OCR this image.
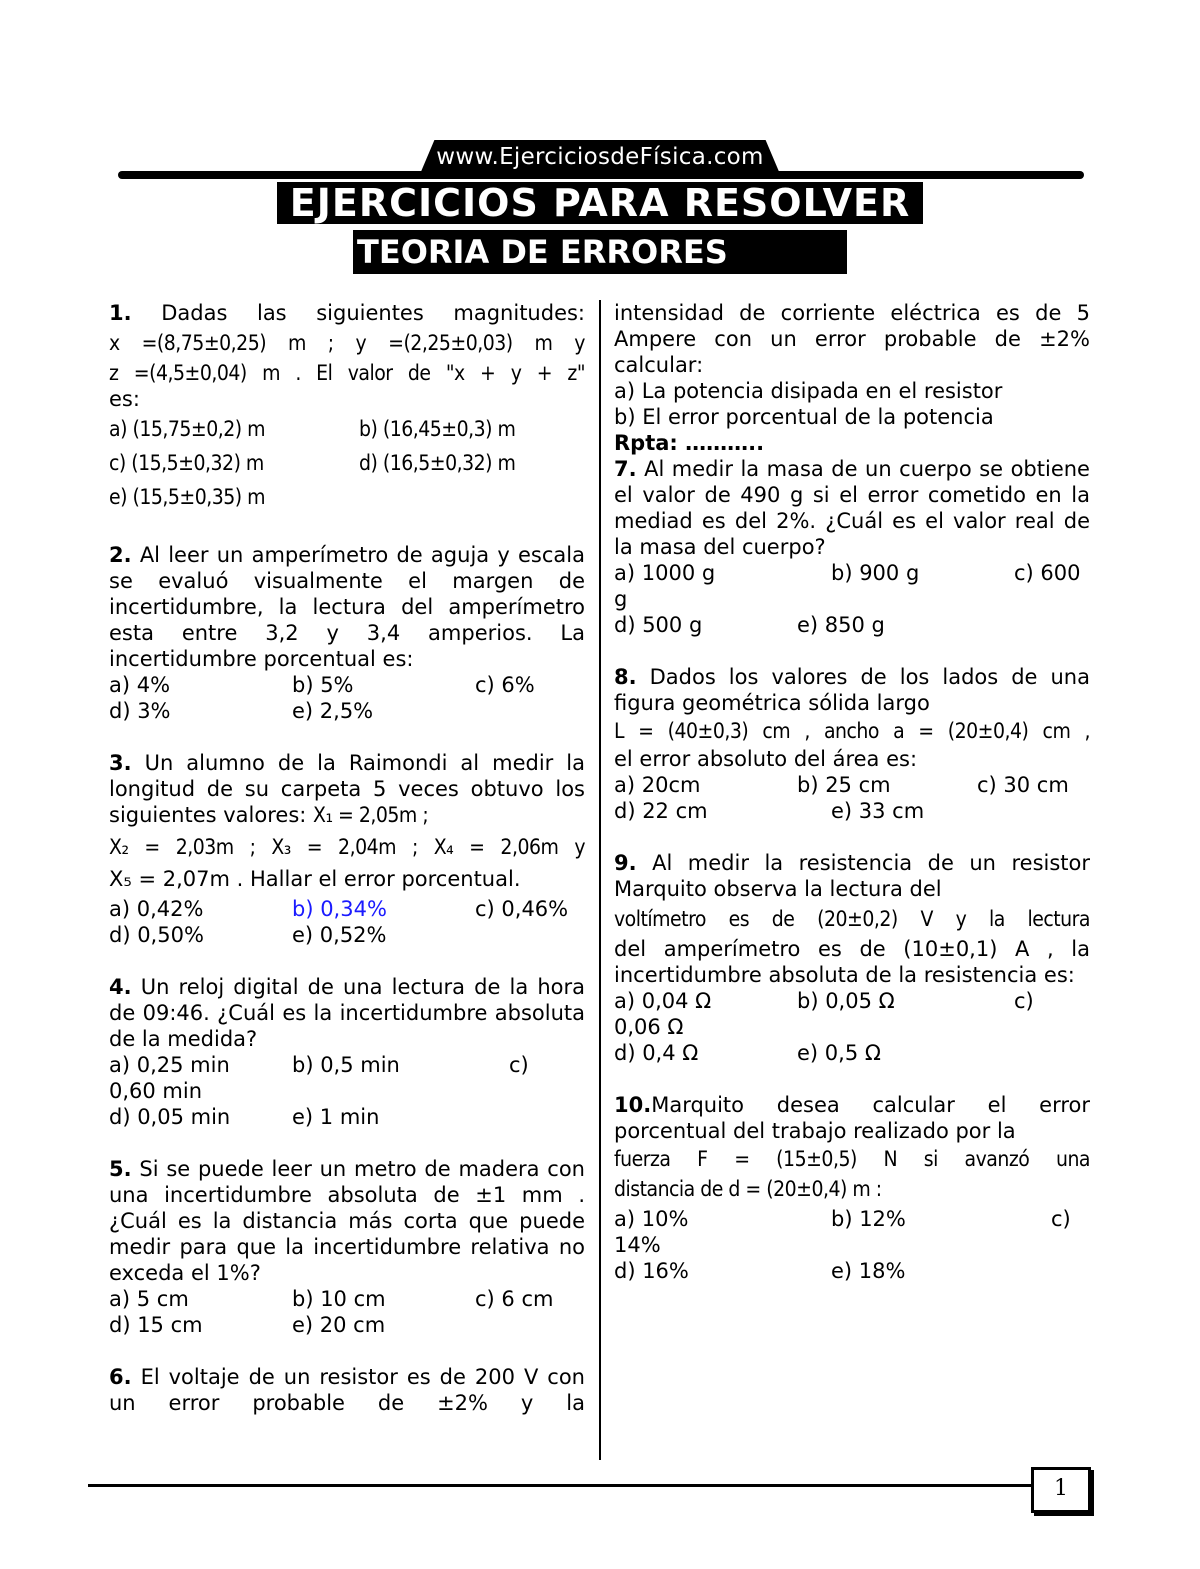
www.EjerciciosdeFísica.com
EJERCICIOS PARA RESOLVER
TEORIA DE ERRORES

1. Dadas las siguientes magnitudes:

x =(8,75±0,25) m ; y =(2,25±0,03) m y

z =(4,5±0,04) m . El valor de "x + y + z"

es:

a) (15,75±0,2) m	b) (16,45±0,3) m
c) (15,5±0,32) m	d) (16,5±0,32) m
e) (15,5±0,35) m

2. Al leer un amperímetro de aguja y escala se evaluó visualmente el margen de incertidumbre, la lectura del amperímetro esta entre 3,2 y 3,4 amperios. La incertidumbre porcentual es:

a) 4%	b) 5%	c) 6%
d) 3%	e) 2,5%

3. Un alumno de la Raimondi al medir la longitud de su carpeta 5 veces obtuvo los siguientes valores: X₁ = 2,05m ;

X₂ = 2,03m ; X₃ = 2,04m ; X₄ = 2,06m y

X₅ = 2,07m . Hallar el error porcentual.

a) 0,42%	b) 0,34%	c) 0,46%
d) 0,50%	e) 0,52%

4. Un reloj digital de una lectura de la hora de 09:46. ¿Cuál es la incertidumbre absoluta de la medida?

a) 0,25 min	b) 0,5 min	c)
0,60 min
d) 0,05 min	e) 1 min

5. Si se puede leer un metro de madera con una incertidumbre absoluta de ±1 mm . ¿Cuál es la distancia más corta que puede medir para que la incertidumbre relativa no exceda el 1%?

a) 5 cm	b) 10 cm	c) 6 cm
d) 15 cm	e) 20 cm

6. El voltaje de un resistor es de 200 V con un error probable de ±2% y la

intensidad de corriente eléctrica es de 5 Ampere con un error probable de ±2% calcular:

a) La potencia disipada en el resistor

b) El error porcentual de la potencia

Rpta: ………..

7. Al medir la masa de un cuerpo se obtiene el valor de 490 g si el error cometido en la mediad es del 2%. ¿Cuál es el valor real de la masa del cuerpo?

a) 1000 g	b) 900 g	c) 600
g
d) 500 g	e) 850 g

8. Dados los valores de los lados de una figura geométrica sólida largo

L = (40±0,3) cm , ancho a = (20±0,4) cm ,

el error absoluto del área es:

a) 20cm	b) 25 cm	c) 30 cm
d) 22 cm	e) 33 cm

9. Al medir la resistencia de un resistor Marquito observa la lectura del

voltímetro es de (20±0,2) V y la lectura

del amperímetro es de (10±0,1) A , la incertidumbre absoluta de la resistencia es:

a) 0,04 Ω	b) 0,05 Ω	c)
0,06 Ω
d) 0,4 Ω	e) 0,5 Ω

10.Marquito desea calcular el error porcentual del trabajo realizado por la

fuerza F = (15±0,5) N si avanzó una

distancia de d = (20±0,4) m :

a) 10%	b) 12%	c)
14%
d) 16%	e) 18%
1
